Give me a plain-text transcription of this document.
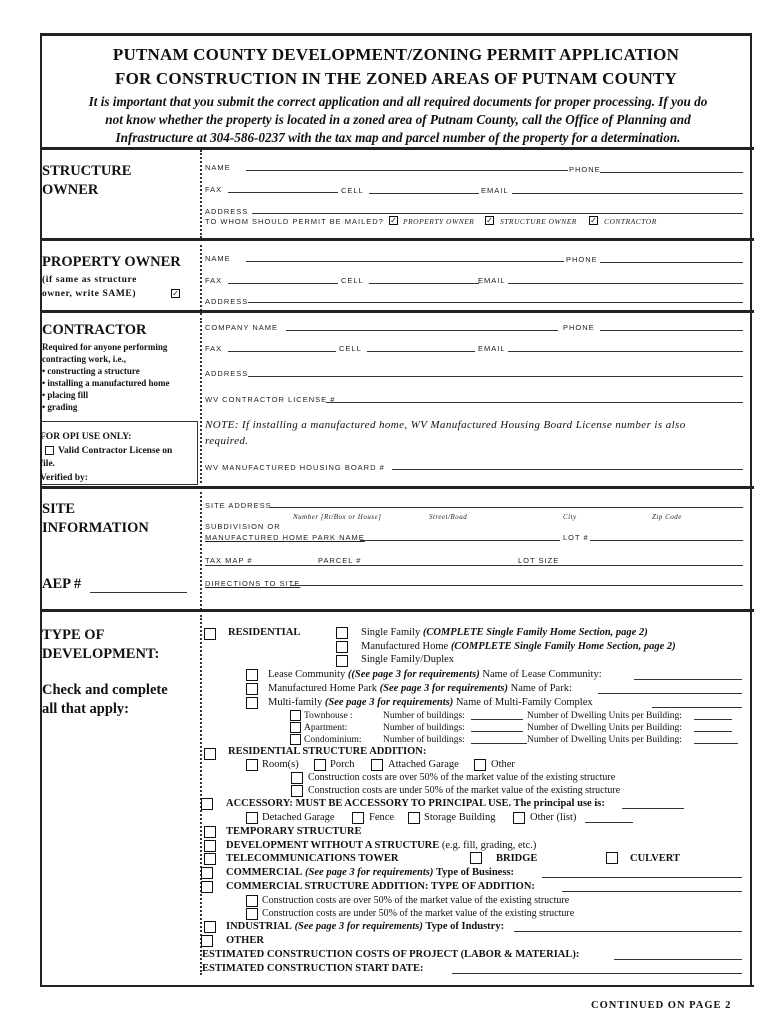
PUTNAM COUNTY DEVELOPMENT/ZONING PERMIT APPLICATION
FOR CONSTRUCTION IN THE ZONED AREAS OF PUTNAM COUNTY
It is important that you submit the correct application and all required documents for proper processing. If you do
not know whether the property is located in a zoned area of Putnam County, call the Office of Planning and
Infrastructure at 304-586-0237 with the tax map and parcel number of the property for a determination.
STRUCTURE
OWNER
NAME	PHONE
FAX	CELL	EMAIL
ADDRESS
TO WHOM SHOULD PERMIT BE MAILED? ✓ PROPERTY OWNER ✓ STRUCTURE OWNER ✓ CONTRACTOR
PROPERTY OWNER
(if same as structure
owner, write SAME)	✓
NAME	PHONE
FAX	CELL	EMAIL
ADDRESS
CONTRACTOR
Required for anyone performing
contracting work, i.e.,
• constructing a structure
• installing a manufactured home
• placing fill
• grading
COMPANY NAME	PHONE
FAX	CELL	EMAIL
ADDRESS
WV CONTRACTOR LICENSE #
NOTE: If installing a manufactured home, WV Manufactured Housing Board License number is also
required.
WV MANUFACTURED HOUSING BOARD #
FOR OPI USE ONLY:
Valid Contractor License on
file.
Verified by:
SITE
INFORMATION
SITE ADDRESS
Number [Rt/Box or House]	Street/Road	City	Zip Code
SUBDIVISION OR
MANUFACTURED HOME PARK NAME	LOT #
TAX MAP #	PARCEL #	LOT SIZE
AEP #	DIRECTIONS TO SITE
TYPE OF
DEVELOPMENT:
Check and complete
all that apply:
RESIDENTIAL	Single Family (COMPLETE Single Family Home Section, page 2)
Manufactured Home (COMPLETE Single Family Home Section, page 2)
Single Family/Duplex
Lease Community ((See page 3 for requirements) Name of Lease Community:
Manufactured Home Park (See page 3 for requirements) Name of Park:
Multi-family (See page 3 for requirements) Name of Multi-Family Complex
Townhouse :	Number of buildings:	Number of Dwelling Units per Building:
Apartment:	Number of buildings:	Number of Dwelling Units per Building:
Condominium: Number of buildings:	Number of Dwelling Units per Building:
RESIDENTIAL STRUCTURE ADDITION:
Room(s)	Porch	Attached Garage	Other
Construction costs are over 50% of the market value of the existing structure
Construction costs are under 50% of the market value of the existing structure
ACCESSORY: MUST BE ACCESSORY TO PRINCIPAL USE. The principal use is:
Detached Garage	Fence	Storage Building	Other (list)
TEMPORARY STRUCTURE
DEVELOPMENT WITHOUT A STRUCTURE (e.g. fill, grading, etc.)
TELECOMMUNICATIONS TOWER	BRIDGE	CULVERT
COMMERCIAL (See page 3 for requirements) Type of Business:
COMMERCIAL STRUCTURE ADDITION: TYPE OF ADDITION:
Construction costs are over 50% of the market value of the existing structure
Construction costs are under 50% of the market value of the existing structure
INDUSTRIAL (See page 3 for requirements) Type of Industry:
OTHER
ESTIMATED CONSTRUCTION COSTS OF PROJECT (LABOR & MATERIAL):
ESTIMATED CONSTRUCTION START DATE:
CONTINUED ON PAGE 2
